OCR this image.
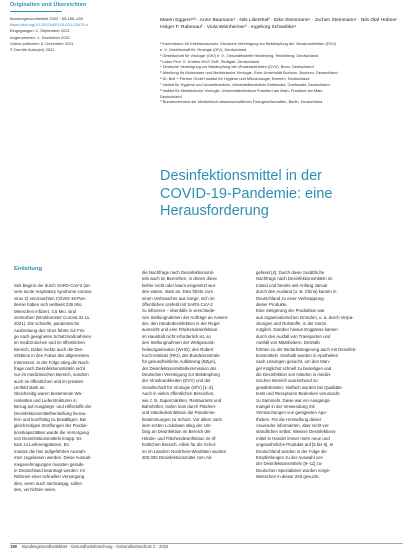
Originalien und Übersichten
Bundesgesundheitsbl 2022 · 65:186–199
https://doi.org/10.1007/s00103-021-03475-x
Eingegangen: 1. September 2021
Angenommen: 1. Dezember 2021
Online publiziert: 6. Dezember 2021
© Der/die Autor(en) 2021
Maren Eggers¹²³ · Anne Baumann¹ · Nils Lilienthal³ · Eike Steinmann¹ · Jochen Steinmann¹ · Nils Olaf Hübner · Holger F. Rabenau² · Viola Weinheimer² · Ingeborg Schwebke⁴
¹ Kommission für Infektionsschutz. Deutsche Vereinigung zur Bekämpfung der Viruskrankheiten (DVV)
e. V. Gesellschaft für Virologie (GfV), Deutschland
² Gesellschaft für Virologie (GfV) e. V., Geschäftsstelle Heidelberg, Heidelberg, Deutschland
³ Labor Prof. G. Enders MVZ GbR, Stuttgart, Deutschland
⁴ Deutsche Vereinigung zur Bekämpfung der Viruskrankheiten (DVV), Bonn, Deutschland
⁵ Abteilung für Molekulare und Medizinische Virologie, Ruhr-Universität Bochum, Bochum, Deutschland
⁶ Dr. Brill + Partner GmbH Institut für Hygiene und Mikrobiologie, Bremen, Deutschland
⁷ Institut für Hygiene und Umweltmedizin, Universitätsmedizin Greifswald, Greifswald, Deutschland
⁸ Institut für Medizinische Virologie, Universitätsklinikum Frankfurt am Main, Frankfurt am Main,
Deutschland
⁹ Bundesverband der Medizinisch-wissenschaftlichen Fachgesellschaften, Berlin, Deutschland
Desinfektionsmittel in der
COVID-19-Pandemie: eine
Herausforderung
Einleitung
Seit Beginn der durch SARS-CoV-2 (se-
vere acute respiratory syndrome corona-
virus 2) verursachten COVID-19-Pan-
demie haben sich weltweit 226 Mio.
Menschen infiziert, 4,6 Mio. sind
verstorben (Worldometer Corona 31.11.
2021). Die schnelle, pandemische
Ausbreitung des Virus führte zur Fra-
ge nach geeigneten Schutzmaßnahmen
im medizinischen und im öffentlichen
Bereich. Dabei rückte auch die Des-
infektion in den Fokus des allgemeinen
Interesses. In der Folge stieg die Nach-
frage nach Desinfektionsmitteln nicht
nur im medizinischen Bereich, sondern
auch im öffentlichen und im privaten
Umfeld stark an.
Gleichzeitig waren bestehende Wa-
renketten und Lieferstrukturen in
Bezug auf Ausgangs- und Hilfsstoffe der
Desinfektionsmittelherstellung hierau-
fern und kurzfristig zu bewältigen. Bei
gleichzeitigen Straffungen der Produk-
tionskapazitäten wurde die Versorgung
von Desinfektionsmitteln knapp. Es
kam zu Lieferengpässen. Es
musste die hier aufgeführten Ausnah-
men zugelassen werden. Diese Ausnah-
megenehmigungen mussten gerade
in Deutschland beantragt werden. Im
Rahmen einer schnellen Versorgung
dies, wenn auch nachrangig, sollen
den, verzichten seien.
die Nachfrage nach Desinfektionsmit-
teln auch im Bereichen, in denen diese
bisher nicht oder kaum eingesetzt wur-
den waren, stark an. Dies führte zum
einen Verbraucher aus Sorge, sich im
öffentlichen Umfeld mit SARS-CoV-2
zu infizieren – ebenfalls in verschiede-
nen Stellungnahmen der Aufträge an Anwen-
der, den Händedesinfektion in der Regel
ausreicht und eine Flächendesinfektion
im Haushalt nicht erforderlich ist, so
den Stellungnahmen der Weltgesund-
heitsorganisation (WHO), des Robert
Koch-Instituts (RKI), der Bundeszentrale
für gesundheitliche Aufklärung (BZgA),
der Desinfektionsmittelkommission der
Deutschen Vereinigung zur Bekämpfung
der Viruskrankheiten (DVV) und der
Gesellschaft für Virologie (GfV) [1–3].
Auch in vielen öffentlichen Bereichen,
wie z. B. Supermärkten, Restaurants und
Bahnhöfen, trafen man durch Flächen-
und Händedesinfektion die Pandemie-
bestimmungen zu Schutz. Vor allem nach
dem ersten Lockdown stieg der Um-
fang an Desinfektion im Bereich der
Hände- und Flächendesinfektion im öf-
fentlichen Bereich. Allein für die Schul-
en im Ländern Nordrhein-Westfalen wurden
200.000 Desinfektionsmittel zum Ab-
gefasst [4]. Durch diese zusätzliche
Nachfrage nach Desinfektionsmitteln im
Inland und bereits seit Anfang Januar
durch den Ausland (u. B. China) kamen in
Deutschland zu einer Verknappung
dieser Produkte.
Eine Steigerung der Produktion war
aus organisatorischen Gründen, u. a. durch Verpa-
ckungen und Rohstoffe, in der Kürze
möglich. Darüber hinaus Engpässe kamen
durch den Ausfall von Transporten und
Ausfall von Mitarbeitern. Deshalb
führten zu der Bedarfssteigerung auch mit Desinfek-
tionsmitteln. Deshalb wurden in Apotheken
nach Lösungen gesucht, um den Man-
gel möglichst schnell zu beseitigen und
die Desinfektion von Händen in medizi-
nischen Bereich ausreichend zu
gewährleisten. Vielfach wurden bei Qualitäts-
tests und Rezepturen Bedenken verursacht.
zu Sammeln. Diese war ein Ausgangs-
mangel in der Verwendung mit
Vermischungen von geeigneten Apo-
theken. Für die Herstellung dieser
Anwender informierten, aber nicht ver-
ständlichen selbst. Weitere Desinfektions-
mittel in Handel immer mehr neue und
ungewöhnliche Produkte auf [5 bis 6]. In
Deutschland wurden in der Folge die
Empfehlungen zu der Auswahl von
der Desinfektionsmitteln [9–11] zu-
Deutschen Spezialisten wurden vorge-
Menschen in dieser Zeit gesucht.
186 Bundesgesundheitsblatt - Gesundheitsforschung - Gesundheitsschutz 2 · 2022
